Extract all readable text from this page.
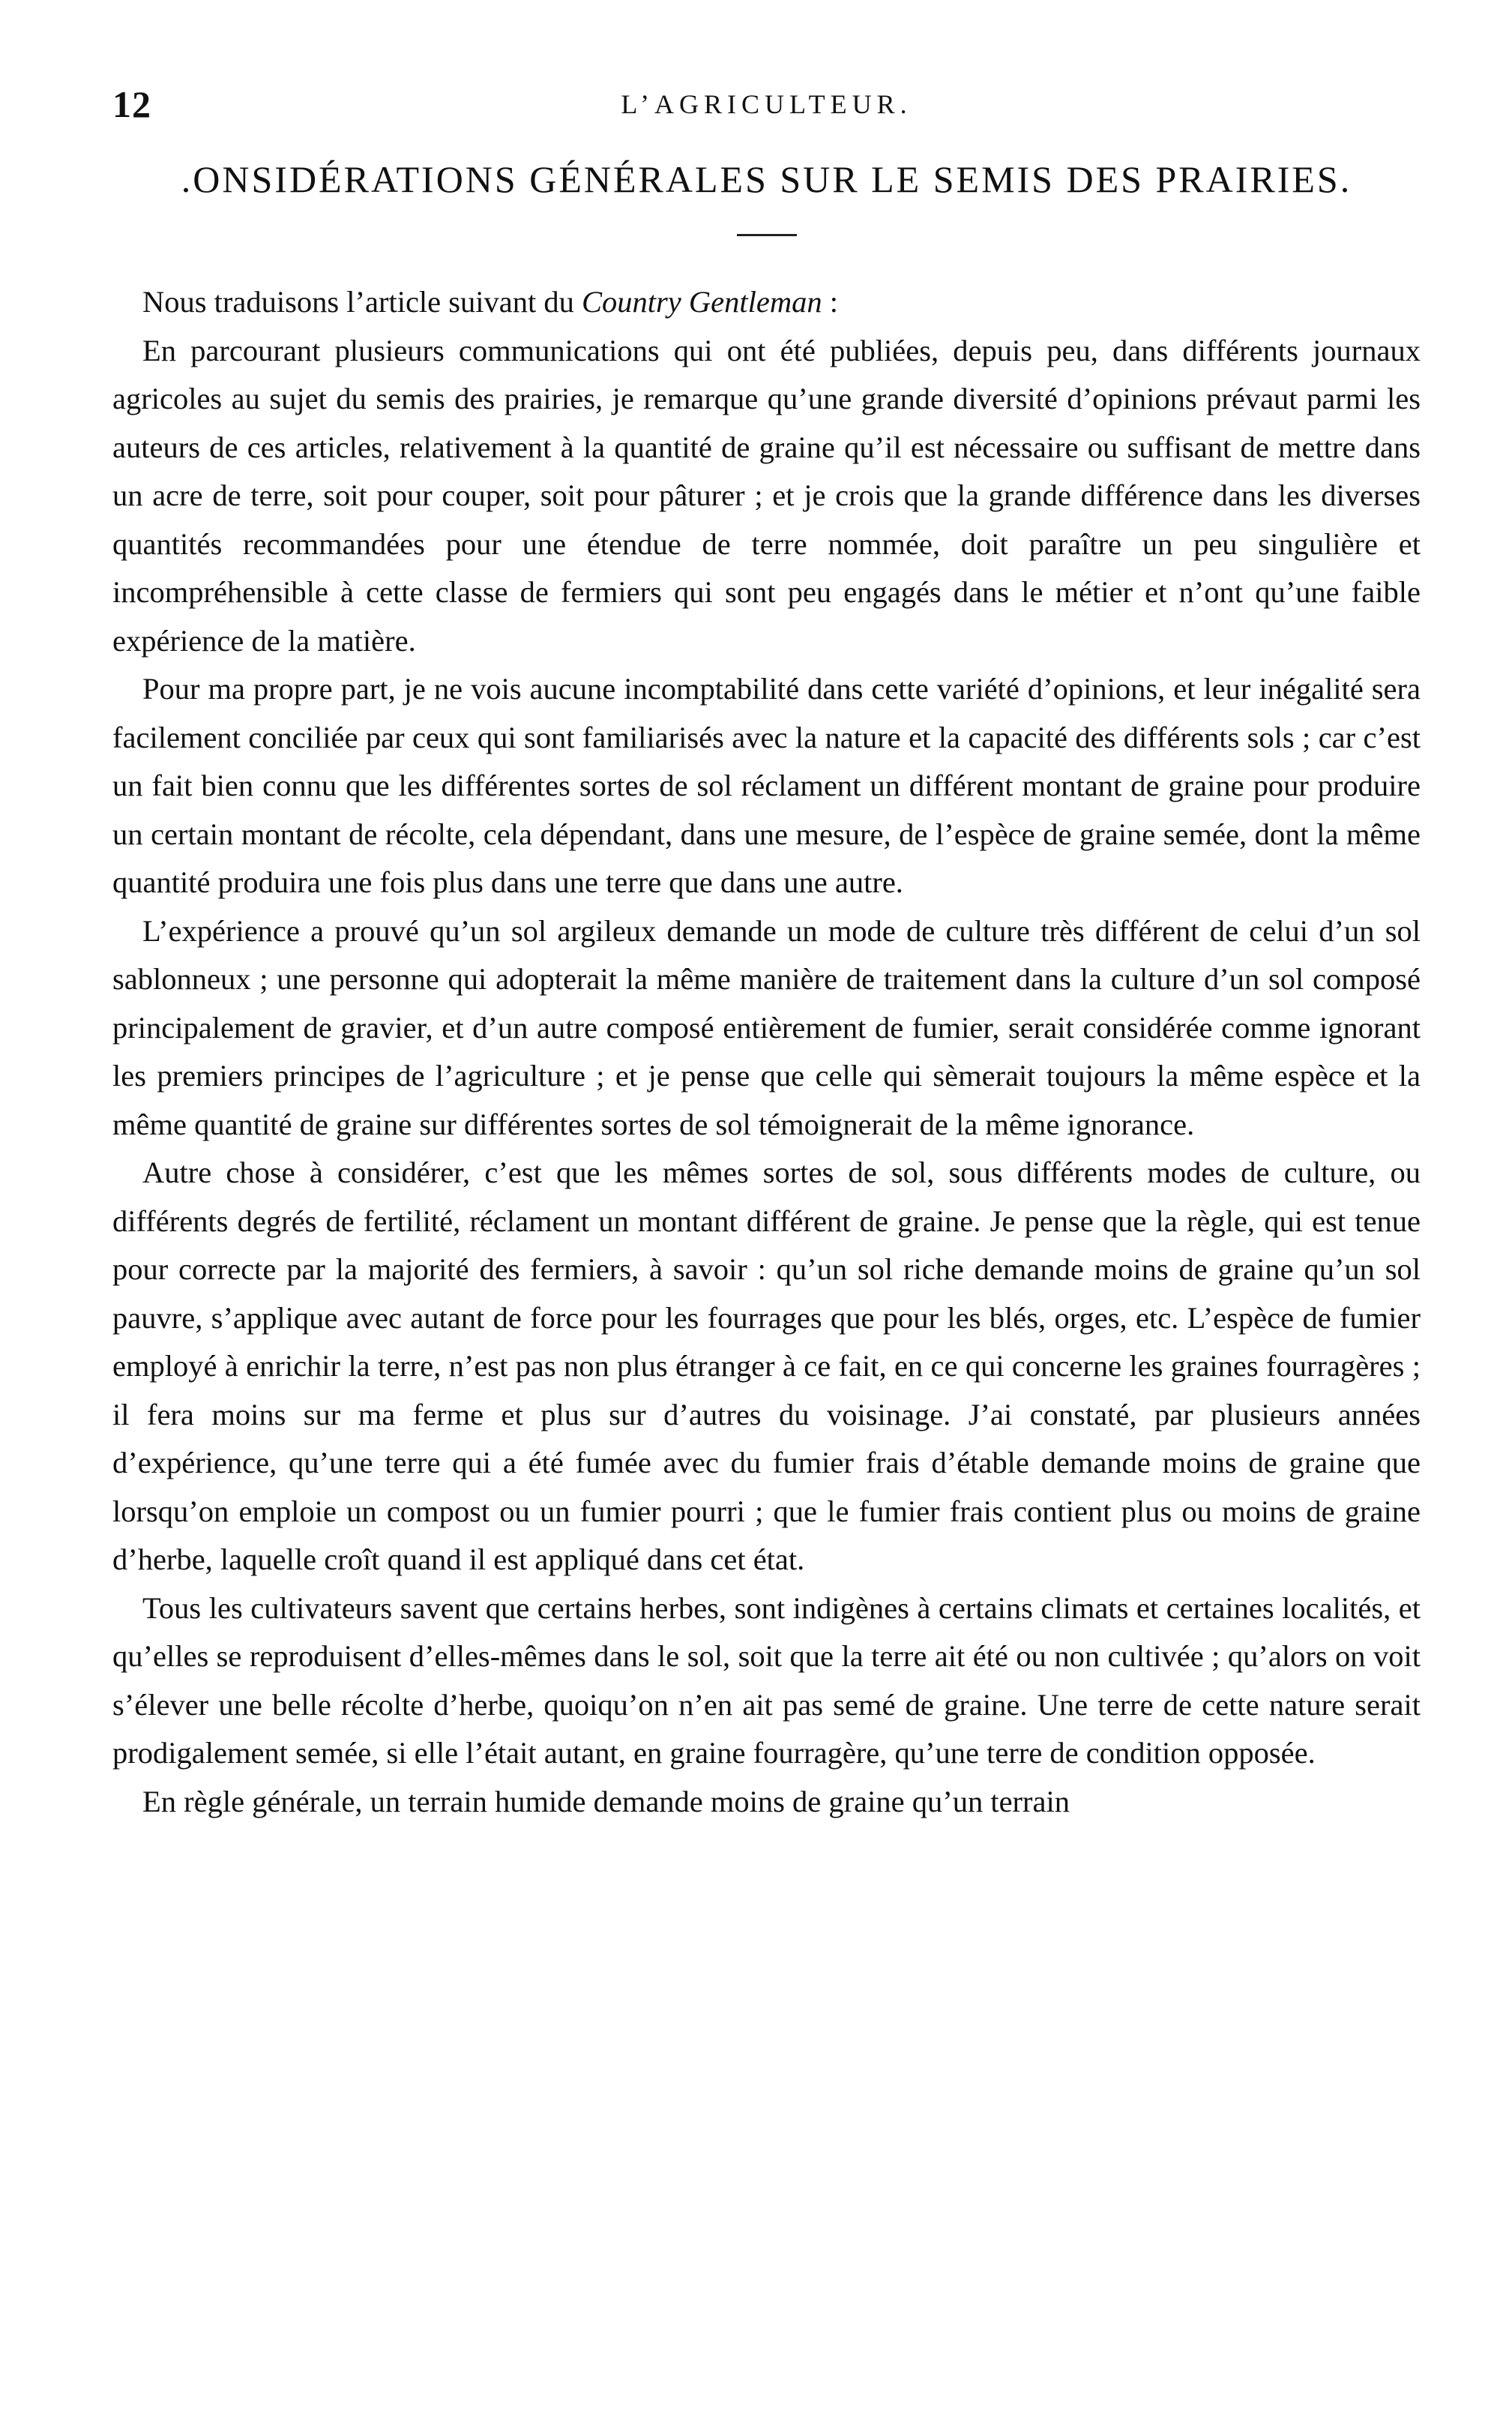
12	L’AGRICULTEUR.
.ONSIDÉRATIONS GÉNÉRALES SUR LE SEMIS DES PRAIRIES.

Nous traduisons l’article suivant du Country Gentleman :

En parcourant plusieurs communications qui ont été publiées, depuis peu, dans différents journaux agricoles au sujet du semis des prairies, je remarque qu’une grande diversité d’opinions prévaut parmi les auteurs de ces articles, relativement à la quantité de graine qu’il est nécessaire ou suffisant de mettre dans un acre de terre, soit pour couper, soit pour pâturer ; et je crois que la grande différence dans les diverses quantités recommandées pour une étendue de terre nommée, doit paraître un peu singulière et incompréhensible à cette classe de fermiers qui sont peu engagés dans le métier et n’ont qu’une faible expérience de la matière.

Pour ma propre part, je ne vois aucune incomptabilité dans cette variété d’opinions, et leur inégalité sera facilement conciliée par ceux qui sont familiarisés avec la nature et la capacité des différents sols ; car c’est un fait bien connu que les différentes sortes de sol réclament un différent montant de graine pour produire un certain montant de récolte, cela dépendant, dans une mesure, de l’espèce de graine semée, dont la même quantité produira une fois plus dans une terre que dans une autre.

L’expérience a prouvé qu’un sol argileux demande un mode de culture très différent de celui d’un sol sablonneux ; une personne qui adopterait la même manière de traitement dans la culture d’un sol composé principalement de gravier, et d’un autre composé entièrement de fumier, serait considérée comme ignorant les premiers principes de l’agriculture ; et je pense que celle qui sèmerait toujours la même espèce et la même quantité de graine sur différentes sortes de sol témoignerait de la même ignorance.

Autre chose à considérer, c’est que les mêmes sortes de sol, sous différents modes de culture, ou différents degrés de fertilité, réclament un montant différent de graine. Je pense que la règle, qui est tenue pour correcte par la majorité des fermiers, à savoir : qu’un sol riche demande moins de graine qu’un sol pauvre, s’applique avec autant de force pour les fourrages que pour les blés, orges, etc. L’espèce de fumier employé à enrichir la terre, n’est pas non plus étranger à ce fait, en ce qui concerne les graines fourragères ; il fera moins sur ma ferme et plus sur d’autres du voisinage. J’ai constaté, par plusieurs années d’expérience, qu’une terre qui a été fumée avec du fumier frais d’étable demande moins de graine que lorsqu’on emploie un compost ou un fumier pourri ; que le fumier frais contient plus ou moins de graine d’herbe, laquelle croît quand il est appliqué dans cet état.

Tous les cultivateurs savent que certains herbes, sont indigènes à certains climats et certaines localités, et qu’elles se reproduisent d’elles-mêmes dans le sol, soit que la terre ait été ou non cultivée ; qu’alors on voit s’élever une belle récolte d’herbe, quoiqu’on n’en ait pas semé de graine. Une terre de cette nature serait prodigalement semée, si elle l’était autant, en graine fourragère, qu’une terre de condition opposée.

En règle générale, un terrain humide demande moins de graine qu’un terrain
